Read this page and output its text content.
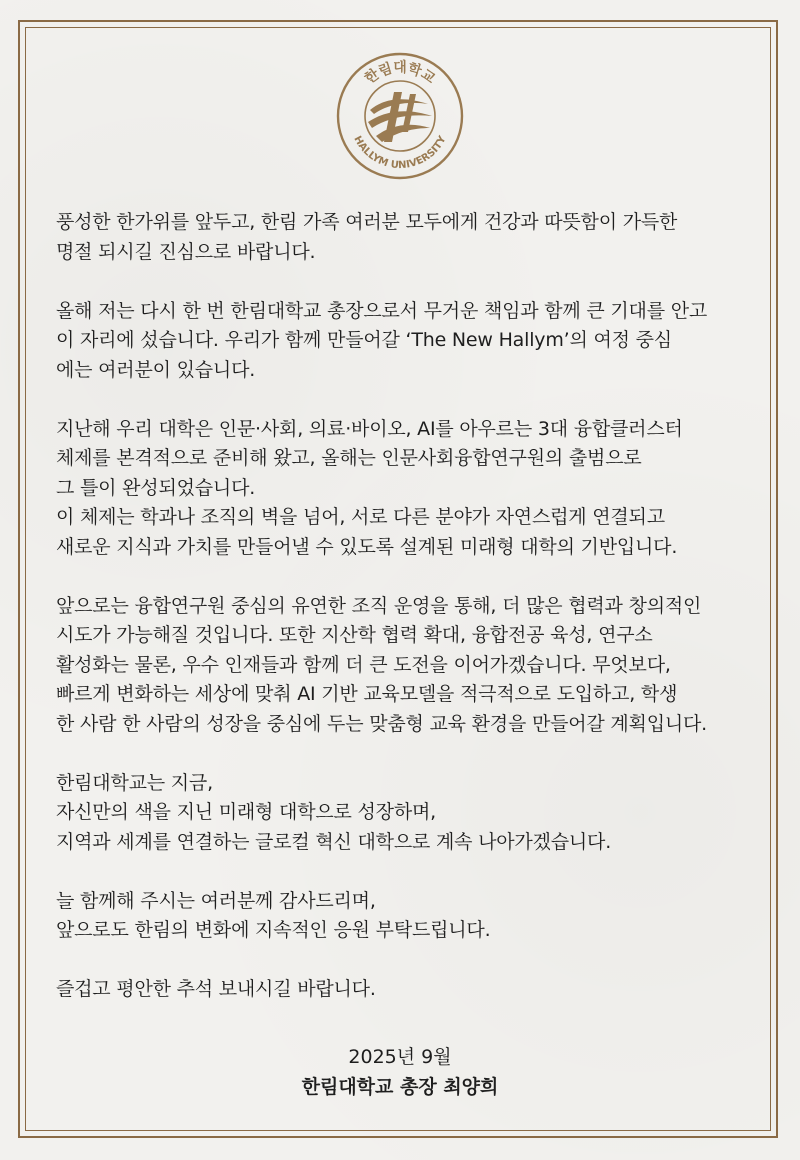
한림대학교
HALLYM UNIVERSITY

풍성한 한가위를 앞두고, 한림 가족 여러분 모두에게 건강과 따뜻함이 가득한
명절 되시길 진심으로 바랍니다.

올해 저는 다시 한 번 한림대학교 총장으로서 무거운 책임과 함께 큰 기대를 안고
이 자리에 섰습니다. 우리가 함께 만들어갈 ‘The New Hallym’의 여정 중심
에는 여러분이 있습니다.

지난해 우리 대학은 인문·사회, 의료·바이오, AI를 아우르는 3대 융합클러스터
체제를 본격적으로 준비해 왔고, 올해는 인문사회융합연구원의 출범으로
그 틀이 완성되었습니다.
이 체제는 학과나 조직의 벽을 넘어, 서로 다른 분야가 자연스럽게 연결되고
새로운 지식과 가치를 만들어낼 수 있도록 설계된 미래형 대학의 기반입니다.

앞으로는 융합연구원 중심의 유연한 조직 운영을 통해, 더 많은 협력과 창의적인
시도가 가능해질 것입니다. 또한 지산학 협력 확대, 융합전공 육성, 연구소
활성화는 물론, 우수 인재들과 함께 더 큰 도전을 이어가겠습니다. 무엇보다,
빠르게 변화하는 세상에 맞춰 AI 기반 교육모델을 적극적으로 도입하고, 학생
한 사람 한 사람의 성장을 중심에 두는 맞춤형 교육 환경을 만들어갈 계획입니다.

한림대학교는 지금,
자신만의 색을 지닌 미래형 대학으로 성장하며,
지역과 세계를 연결하는 글로컬 혁신 대학으로 계속 나아가겠습니다.

늘 함께해 주시는 여러분께 감사드리며,
앞으로도 한림의 변화에 지속적인 응원 부탁드립니다.

즐겁고 평안한 추석 보내시길 바랍니다.

2025년 9월
한림대학교 총장 최양희
